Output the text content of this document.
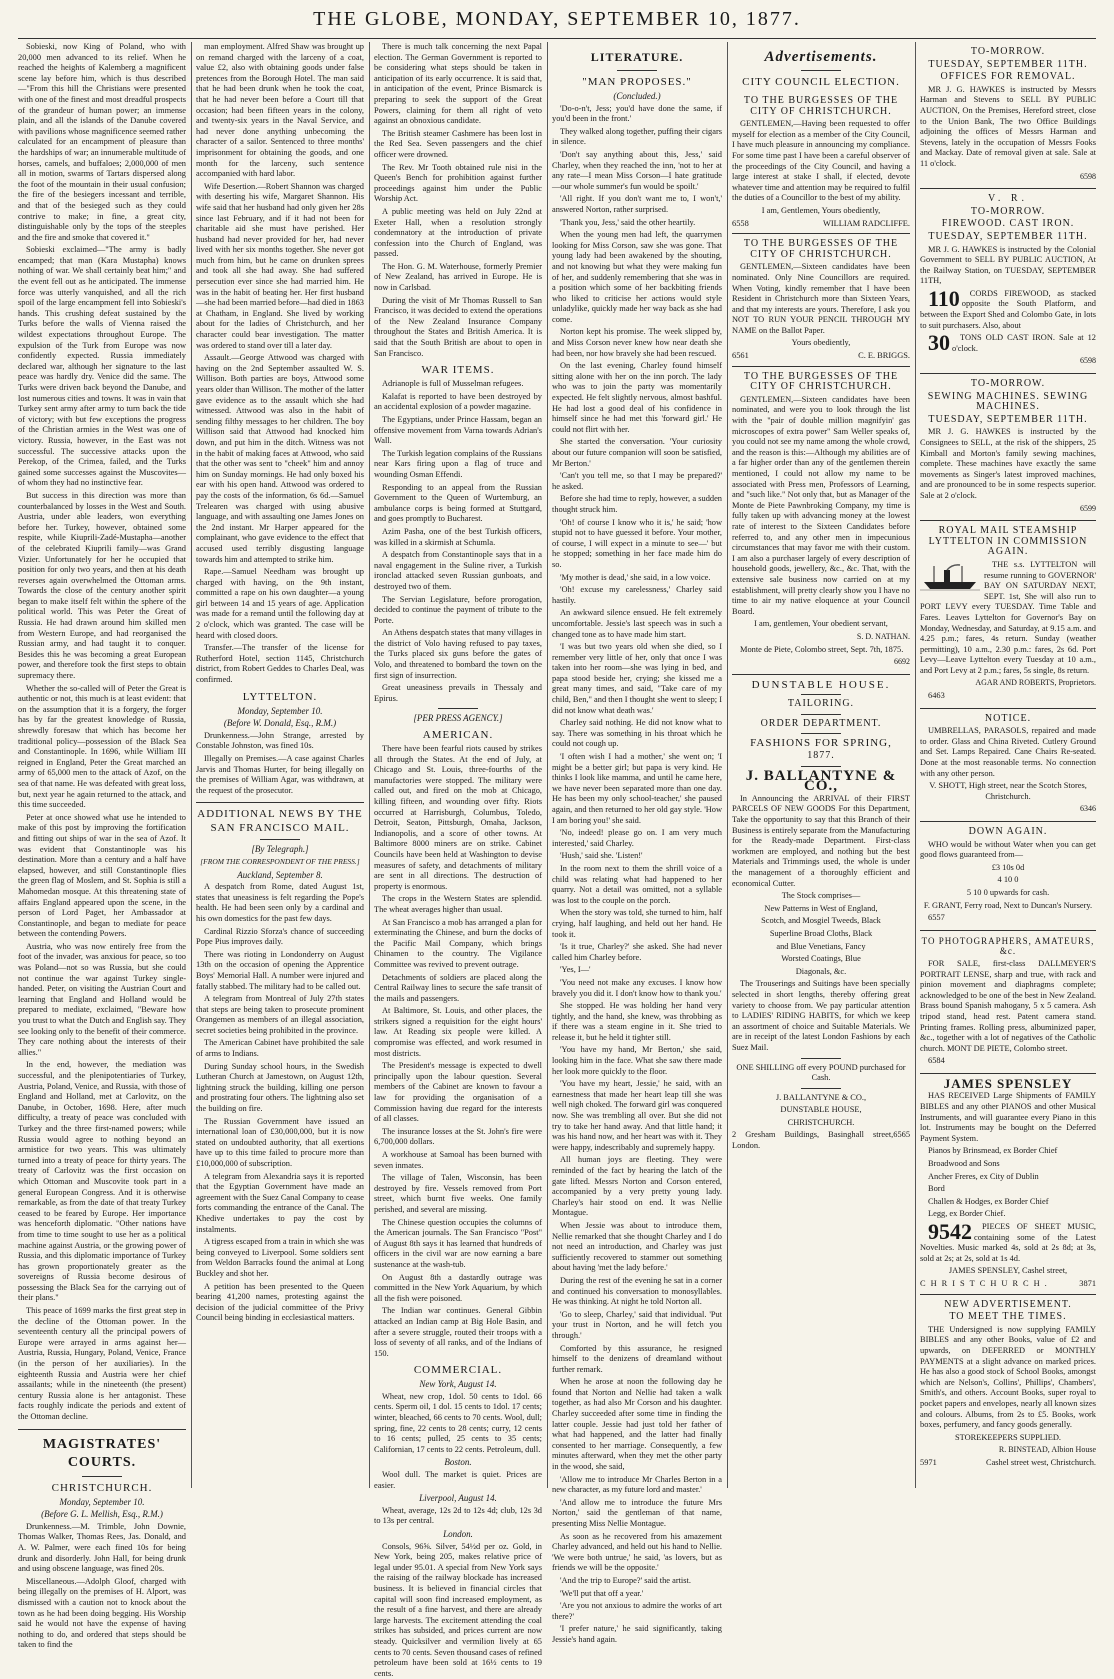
THE GLOBE, MONDAY, SEPTEMBER 10, 1877.

Sobieski, now King of Poland, who with 20,000 men advanced to its relief. When he reached the heights of Kalemberg a magnificent scene lay before him, which is thus described —"From this hill the Christians were presented with one of the finest and most dreadful prospects of the grandeur of human power; an immense plain, and all the islands of the Danube covered with pavilions whose magnificence seemed rather calculated for an encampment of pleasure than the hardships of war; an innumerable multitude of horses, camels, and buffaloes; 2,000,000 of men all in motion, swarms of Tartars dispersed along the foot of the mountain in their usual confusion; the fire of the besiegers incessant and terrible, and that of the besieged such as they could contrive to make; in fine, a great city, distinguishable only by the tops of the steeples and the fire and smoke that covered it."

Sobieski exclaimed—"The army is badly encamped; that man (Kara Mustapha) knows nothing of war. We shall certainly beat him;" and the event fell out as he anticipated. The immense force was utterly vanquished, and all the rich spoil of the large encampment fell into Sobieski's hands. This crushing defeat sustained by the Turks before the walls of Vienna raised the wildest expectations throughout Europe. The expulsion of the Turk from Europe was now confidently expected. Russia immediately declared war, although her signature to the last peace was hardly dry. Venice did the same. The Turks were driven back beyond the Danube, and lost numerous cities and towns. It was in vain that Turkey sent army after army to turn back the tide of victory; with but few exceptions the progress of the Christian armies in the West was one of victory. Russia, however, in the East was not successful. The successive attacks upon the Perekop, of the Crimea, failed, and the Turks gained some successes against the Muscovites—of whom they had no instinctive fear.

But success in this direction was more than counterbalanced by losses in the West and South. Austria, under able leaders, won everything before her. Turkey, however, obtained some respite, while Kiuprili-Zadé-Mustapha—another of the celebrated Kiuprili family—was Grand Vizier. Unfortunately for her he occupied that position for only two years, and then at his death reverses again overwhelmed the Ottoman arms. Towards the close of the century another spirit began to make itself felt within the sphere of the political world. This was Peter the Great of Russia. He had drawn around him skilled men from Western Europe, and had reorganised the Russian army, and had taught it to conquer. Besides this he was becoming a great European power, and therefore took the first steps to obtain supremacy there.

Whether the so-called will of Peter the Great is authentic or not, this much is at least evident: that on the assumption that it is a forgery, the forger has by far the greatest knowledge of Russia, shrewdly foresaw that which has become her traditional policy—possession of the Black Sea and Constantinople. In 1696, while William III reigned in England, Peter the Great marched an army of 65,000 men to the attack of Azof, on the sea of that name. He was defeated with great loss, but, next year he again returned to the attack, and this time succeeded.

Peter at once showed what use he intended to make of this post by improving the fortification and fitting out ships of war in the sea of Azof. It was evident that Constantinople was his destination. More than a century and a half have elapsed, however, and still Constantinople flies the green flag of Moslem, and St. Sophia is still a Mahomedan mosque. At this threatening state of affairs England appeared upon the scene, in the person of Lord Paget, her Ambassador at Constantinople, and began to mediate for peace between the contending Powers.

Austria, who was now entirely free from the foot of the invader, was anxious for peace, so too was Poland—not so was Russia, but she could not continue the war against Turkey single-handed. Peter, on visiting the Austrian Court and learning that England and Holland would be prepared to mediate, exclaimed, "Beware how you trust to what the Dutch and English say. They see looking only to the benefit of their commerce. They care nothing about the interests of their allies."

In the end, however, the mediation was successful, and the plenipotentiaries of Turkey, Austria, Poland, Venice, and Russia, with those of England and Holland, met at Carlovitz, on the Danube, in October, 1698. Here, after much difficulty, a treaty of peace was concluded with Turkey and the three first-named powers; while Russia would agree to nothing beyond an armistice for two years. This was ultimately turned into a treaty of peace for thirty years. The treaty of Carlovitz was the first occasion on which Ottoman and Muscovite took part in a general European Congress. And it is otherwise remarkable, as from the date of that treaty Turkey ceased to be feared by Europe. Her importance was henceforth diplomatic. "Other nations have from time to time sought to use her as a political machine against Austria, or the growing power of Russia, and this diplomatic importance of Turkey has grown proportionately greater as the sovereigns of Russia become desirous of possessing the Black Sea for the carrying out of their plans."

This peace of 1699 marks the first great step in the decline of the Ottoman power. In the seventeenth century all the principal powers of Europe were arrayed in arms against her—Austria, Russia, Hungary, Poland, Venice, France (in the person of her auxiliaries). In the eighteenth Russia and Austria were her chief assailants; while in the nineteenth (the present) century Russia alone is her antagonist. These facts roughly indicate the periods and extent of the Ottoman decline.

MAGISTRATES' COURTS.
CHRISTCHURCH.
Monday, September 10.
(Before G. L. Mellish, Esq., R.M.)

Drunkenness.—M. Trimble, John Downie, Thomas Walker, Thomas Rees, Jas. Donald, and A. W. Palmer, were each fined 10s for being drunk and disorderly. John Hall, for being drunk and using obscene language, was fined 20s.

Miscellaneous.—Adolph Gloof, charged with being illegally on the premises of H. Alport, was dismissed with a caution not to knock about the town as he had been doing begging. His Worship said he would not have the expense of having nothing to do, and ordered that steps should be taken to find the

man employment. Alfred Shaw was brought up on remand charged with the larceny of a coat, value £2, also with obtaining goods under false pretences from the Borough Hotel. The man said that he had been drunk when he took the coat, that he had never been before a Court till that occasion; had been fifteen years in the colony, and twenty-six years in the Naval Service, and had never done anything unbecoming the character of a sailor. Sentenced to three months' imprisonment for obtaining the goods, and one month for the larceny, such sentence accompanied with hard labor.

Wife Desertion.—Robert Shannon was charged with deserting his wife, Margaret Shannon. His wife said that her husband had only given her 28s since last February, and if it had not been for charitable aid she must have perished. Her husband had never provided for her, had never lived with her six months together. She never got much from him, but he came on drunken sprees and took all she had away. She had suffered persecution ever since she had married him. He was in the habit of beating her. Her first husband—she had been married before—had died in 1863 at Chatham, in England. She lived by working about for the ladies of Christchurch, and her character could bear investigation. The matter was ordered to stand over till a later day.

Assault.—George Attwood was charged with having on the 2nd September assaulted W. S. Willison. Both parties are boys, Attwood some years older than Willison. The mother of the latter gave evidence as to the assault which she had witnessed. Attwood was also in the habit of sending filthy messages to her children. The boy Willison said that Attwood had knocked him down, and put him in the ditch. Witness was not in the habit of making faces at Attwood, who said that the other was sent to "cheek" him and annoy him on Sunday mornings. He had only boxed his ear with his open hand. Attwood was ordered to pay the costs of the information, 6s 6d.—Samuel Trelearen was charged with using abusive language, and with assaulting one James Jones on the 2nd instant. Mr Harper appeared for the complainant, who gave evidence to the effect that accused used terribly disgusting language towards him and attempted to strike him.

Rape.—Samuel Needham was brought up charged with having, on the 9th instant, committed a rape on his own daughter—a young girl between 14 and 15 years of age. Application was made for a remand until the following day at 2 o'clock, which was granted. The case will be heard with closed doors.

Transfer.—The transfer of the license for Rutherford Hotel, section 1145, Christchurch district, from Robert Geddes to Charles Deal, was confirmed.

LYTTELTON.
Monday, September 10.
(Before W. Donald, Esq., R.M.)

Drunkenness.—John Strange, arrested by Constable Johnston, was fined 10s.

Illegally on Premises.—A case against Charles Jarvis and Thomas Hurter, for being illegally on the premises of William Agar, was withdrawn, at the request of the prosecutor.

ADDITIONAL NEWS BY THE SAN FRANCISCO MAIL.
[By Telegraph.]
[FROM THE CORRESPONDENT OF THE PRESS.]
Auckland, September 8.

A despatch from Rome, dated August 1st, states that uneasiness is felt regarding the Pope's health. He had been seen only by a cardinal and his own domestics for the past few days.

Cardinal Rizzio Sforza's chance of succeeding Pope Pius improves daily.

There was rioting in Londonderry on August 13th on the occasion of opening the Apprentice Boys' Memorial Hall. A number were injured and fatally stabbed. The military had to be called out.

A telegram from Montreal of July 27th states that steps are being taken to prosecute prominent Orangemen as members of an illegal association, secret societies being prohibited in the province.

The American Cabinet have prohibited the sale of arms to Indians.

During Sunday school hours, in the Swedish Lutheran Church at Jamestown, on August 12th, lightning struck the building, killing one person and prostrating four others. The lightning also set the building on fire.

The Russian Government have issued an international loan of £30,000,000, but it is now stated on undoubted authority, that all exertions have up to this time failed to procure more than £10,000,000 of subscription.

A telegram from Alexandria says it is reported that the Egyptian Government have made an agreement with the Suez Canal Company to cease forts commanding the entrance of the Canal. The Khedive undertakes to pay the cost by instalments.

A tigress escaped from a train in which she was being conveyed to Liverpool. Some soldiers sent from Weldon Barracks found the animal at Long Buckley and shot her.

A petition has been presented to the Queen bearing 41,200 names, protesting against the decision of the judicial committee of the Privy Council being binding in ecclesiastical matters.

There is much talk concerning the next Papal election. The German Government is reported to be considering what steps should be taken in anticipation of its early occurrence. It is said that, in anticipation of the event, Prince Bismarck is preparing to seek the support of the Great Powers, claiming for them all right of veto against an obnoxious candidate.

The British steamer Cashmere has been lost in the Red Sea. Seven passengers and the chief officer were drowned.

The Rev. Mr Tooth obtained rule nisi in the Queen's Bench for prohibition against further proceedings against him under the Public Worship Act.

A public meeting was held on July 22nd at Exeter Hall, when a resolution strongly condemnatory at the introduction of private confession into the Church of England, was passed.

The Hon. G. M. Waterhouse, formerly Premier of New Zealand, has arrived in Europe. He is now in Carlsbad.

During the visit of Mr Thomas Russell to San Francisco, it was decided to extend the operations of the New Zealand Insurance Company throughout the States and British America. It is said that the South British are about to open in San Francisco.

WAR ITEMS.

Adrianople is full of Musselman refugees.

Kalafat is reported to have been destroyed by an accidental explosion of a powder magazine.

The Egyptians, under Prince Hassam, began an offensive movement from Varna towards Adrian's Wall.

The Turkish legation complains of the Russians near Kars firing upon a flag of truce and wounding Osman Effendi.

Responding to an appeal from the Russian Government to the Queen of Wurtemburg, an ambulance corps is being formed at Stuttgard, and goes promptly to Bucharest.

Azim Pasha, one of the best Turkish officers, was killed in a skirmish at Schumla.

A despatch from Constantinople says that in a naval engagement in the Suline river, a Turkish ironclad attacked seven Russian gunboats, and destroyed two of them.

The Servian Legislature, before prorogation, decided to continue the payment of tribute to the Porte.

An Athens despatch states that many villages in the district of Volo having refused to pay taxes, the Turks placed six guns before the gates of Volo, and threatened to bombard the town on the first sign of insurrection.

Great uneasiness prevails in Thessaly and Epirus.

[PER PRESS AGENCY.]
AMERICAN.

There have been fearful riots caused by strikes all through the States. At the end of July, at Chicago and St. Louis, three-fourths of the manufactories were stopped. The military were called out, and fired on the mob at Chicago, killing fifteen, and wounding over fifty. Riots occurred at Harrisburgh, Columbus, Toledo, Detroit, Seaton, Pittsburgh, Omaha, Jackson, Indianopolis, and a score of other towns. At Baltimore 8000 miners are on strike. Cabinet Councils have been held at Washington to devise measures of safety, and detachments of military are sent in all directions. The destruction of property is enormous.

The crops in the Western States are splendid. The wheat averages higher than usual.

At San Francisco a mob has arranged a plan for exterminating the Chinese, and burn the docks of the Pacific Mail Company, which brings Chinamen to the country. The Vigilance Committee was revived to prevent outrage.

Detachments of soldiers are placed along the Central Railway lines to secure the safe transit of the mails and passengers.

At Baltimore, St. Louis, and other places, the strikers signed a requisition for the eight hours' law. At Reading six people were killed. A compromise was effected, and work resumed in most districts.

The President's message is expected to dwell principally upon the labour question. Several members of the Cabinet are known to favour a law for providing the organisation of a Commission having due regard for the interests of all classes.

The insurance losses at the St. John's fire were 6,700,000 dollars.

A workhouse at Samoal has been burned with seven inmates.

The village of Talen, Wisconsin, has been destroyed by fire. Vessels removed from Port street, which burnt five weeks. One family perished, and several are missing.

The Chinese question occupies the columns of the American journals. The San Francisco "Post" of August 8th says it has learned that hundreds of officers in the civil war are now earning a bare sustenance at the wash-tub.

On August 8th a dastardly outrage was committed in the New York Aquarium, by which all the fish were poisoned.

The Indian war continues. General Gibbin attacked an Indian camp at Big Hole Basin, and after a severe struggle, routed their troops with a loss of seventy of all ranks, and of the Indians of 150.

COMMERCIAL.
New York, August 14.

Wheat, new crop, 1dol. 50 cents to 1dol. 66 cents. Sperm oil, 1 dol. 15 cents to 1dol. 17 cents; winter, bleached, 66 cents to 70 cents. Wool, dull; spring, fine, 22 cents to 28 cents; curry, 12 cents to 16 cents; pulled, 25 cents to 35 cents; Californian, 17 cents to 22 cents. Petroleum, dull.

Boston.

Wool dull. The market is quiet. Prices are easier.

Liverpool, August 14.

Wheat, average, 12s 2d to 12s 4d; club, 12s 3d to 13s per central.

London.

Consols, 96⅝. Silver, 54½d per oz. Gold, in New York, being 205, makes relative price of legal under 95.01. A special from New York says the raising of the railway blockade has increased business. It is believed in financial circles that capital will soon find increased employment, as the result of a fine harvest, and there are already large harvests. The excitement attending the coal strikes has subsided, and prices current are now steady. Quicksilver and vermilion lively at 65 cents to 70 cents. Seven thousand cases of refined petroleum have been sold at 16½ cents to 19 cents.

LITERATURE.
"MAN PROPOSES."
(Concluded.)

'Do-o-n't, Jess; you'd have done the same, if you'd been in the front.'

They walked along together, puffing their cigars in silence.

'Don't say anything about this, Jess,' said Charley, when they reached the inn, 'not to her at any rate—I mean Miss Corson—I hate gratitude—our whole summer's fun would be spoilt.'

'All right. If you don't want me to, I won't,' answered Norton, rather surprised.

'Thank you, Jess,' said the other heartily.

When the young men had left, the quarrymen looking for Miss Corson, saw she was gone. That young lady had been awakened by the shouting, and not knowing but what they were making fun of her, and suddenly remembering that she was in a position which some of her backbiting friends who liked to criticise her actions would style unladylike, quickly made her way back as she had come.

Norton kept his promise. The week slipped by, and Miss Corson never knew how near death she had been, nor how bravely she had been rescued.

On the last evening, Charley found himself sitting alone with her on the inn porch. The lady who was to join the party was momentarily expected. He felt slightly nervous, almost bashful. He had lost a good deal of his confidence in himself since he had met this 'forward girl.' He could not flirt with her.

She started the conversation. 'Your curiosity about our future companion will soon be satisfied, Mr Berton.'

'Can't you tell me, so that I may be prepared?' he asked.

Before she had time to reply, however, a sudden thought struck him.

'Oh! of course I know who it is,' he said; 'how stupid not to have guessed it before. Your mother, of course, I will expect in a minute to see—' but he stopped; something in her face made him do so.

'My mother is dead,' she said, in a low voice.

'Oh! excuse my carelessness,' Charley said hastily.

An awkward silence ensued. He felt extremely uncomfortable. Jessie's last speech was in such a changed tone as to have made him start.

'I was but two years old when she died, so I remember very little of her, only that once I was taken into her room—she was lying in bed, and papa stood beside her, crying; she kissed me a great many times, and said, "Take care of my child, Ben," and then I thought she went to sleep; I did not know what death was.'

Charley said nothing. He did not know what to say. There was something in his throat which he could not cough up.

'I often wish I had a mother,' she went on; 'I might be a better girl; but papa is very kind. He thinks I look like mamma, and until he came here, we have never been separated more than one day. He has been my only school-teacher,' she paused again, and then returned to her old gay style. 'How I am boring you!' she said.

'No, indeed! please go on. I am very much interested,' said Charley.

'Hush,' said she. 'Listen!'

In the room next to them the shrill voice of a child was relating what had happened to her quarry. Not a detail was omitted, not a syllable was lost to the couple on the porch.

When the story was told, she turned to him, half crying, half laughing, and held out her hand. He took it.

'Is it true, Charley?' she asked. She had never called him Charley before.

'Yes, I—'

'You need not make any excuses. I know how bravely you did it. I don't know how to thank you.'

She stopped. He was holding her hand very tightly, and the hand, she knew, was throbbing as if there was a steam engine in it. She tried to release it, but he held it tighter still.

'You have my hand, Mr Berton,' she said, looking him in the face. What she saw there made her look more quickly to the floor.

'You have my heart, Jessie,' he said, with an earnestness that made her heart leap till she was well nigh choked. The forward girl was conquered now. She was trembling all over. But she did not try to take her hand away. And that little hand; it was his hand now, and her heart was with it. They were happy, indescribably and supremely happy.

All human joys are fleeting. They were reminded of the fact by hearing the latch of the gate lifted. Messrs Norton and Corson entered, accompanied by a very pretty young lady. Charley's hair stood on end. It was Nellie Montague.

When Jessie was about to introduce them, Nellie remarked that she thought Charley and I do not need an introduction, and Charley was just sufficiently recovered to stammer out something about having 'met the lady before.'

During the rest of the evening he sat in a corner and continued his conversation to monosyllables. He was thinking. At night he told Norton all.

'Go to sleep, Charley,' said that individual. 'Put your trust in Norton, and he will fetch you through.'

Comforted by this assurance, he resigned himself to the denizens of dreamland without further remark.

When he arose at noon the following day he found that Norton and Nellie had taken a walk together, as had also Mr Corson and his daughter. Charley succeeded after some time in finding the latter couple. Jessie had just told her father of what had happened, and the latter had finally consented to her marriage. Consequently, a few minutes afterward, when they met the other party in the wood, she said,

'Allow me to introduce Mr Charles Berton in a new character, as my future lord and master.'

'And allow me to introduce the future Mrs Norton,' said the gentleman of that name, presenting Miss Nellie Montague.

As soon as he recovered from his amazement Charley advanced, and held out his hand to Nellie. 'We were both untrue,' he said, 'as lovers, but as friends we will be the opposite.'

'And the trip to Europe?' said the artist.

'We'll put that off a year.'

'Are you not anxious to admire the works of art there?'

'I prefer nature,' he said significantly, taking Jessie's hand again.

Advertisements.
CITY COUNCIL ELECTION.
TO THE BURGESSES OF THE CITY OF CHRISTCHURCH.

GENTLEMEN,—Having been requested to offer myself for election as a member of the City Council, I have much pleasure in announcing my compliance. For some time past I have been a careful observer of the proceedings of the City Council, and having a large interest at stake I shall, if elected, devote whatever time and attention may be required to fulfil the duties of a Councillor to the best of my ability.

I am, Gentlemen, Yours obediently,

6558	WILLIAM RADCLIFFE.
TO THE BURGESSES OF THE CITY OF CHRISTCHURCH.

GENTLEMEN,—Sixteen candidates have been nominated. Only Nine Councillors are required. When Voting, kindly remember that I have been Resident in Christchurch more than Sixteen Years, and that my interests are yours. Therefore, I ask you NOT TO RUN YOUR PENCIL THROUGH MY NAME on the Ballot Paper.

Yours obediently,

6561	C. E. BRIGGS.
TO THE BURGESSES OF THE CITY OF CHRISTCHURCH.

GENTLEMEN,—Sixteen candidates have been nominated, and were you to look through the list with the "pair of double million magnifyin' gas microscopes of extra power" Sam Weller speaks of, you could not see my name among the whole crowd, and the reason is this:—Although my abilities are of a far higher order than any of the gentlemen therein mentioned, I could not allow my name to be associated with Press men, Professors of Learning, and "such like." Not only that, but as Manager of the Monte de Piete Pawnbroking Company, my time is fully taken up with advancing money at the lowest rate of interest to the Sixteen Candidates before referred to, and any other men in impecunious circumstances that may favor me with their custom. I am also a purchaser largely of every description of household goods, jewellery, &c., &c. That, with the extensive sale business now carried on at my establishment, will pretty clearly show you I have no time to air my native eloquence at your Council Board.

I am, gentlemen, Your obedient servant,

S. D. NATHAN.

Monte de Piete, Colombo street, Sept. 7th, 1875.

6692

DUNSTABLE HOUSE.
TAILORING.
ORDER DEPARTMENT.
FASHIONS FOR SPRING,
1877.
J. BALLANTYNE & CO.,

In Announcing the ARRIVAL of their FIRST PARCELS OF NEW GOODS For this Department, Take the opportunity to say that this Branch of their Business is entirely separate from the Manufacturing for the Ready-made Department. First-class workmen are employed, and nothing but the best Materials and Trimmings used, the whole is under the management of a thoroughly efficient and economical Cutter.

The Stock comprises—

New Patterns in West of England,

Scotch, and Mosgiel Tweeds, Black

Superline Broad Cloths, Black

and Blue Venetians, Fancy

Worsted Coatings, Blue

Diagonals, &c.

The Trouserings and Suitings have been specially selected in short lengths, thereby offering great variety to choose from. We pay particular attention to LADIES' RIDING HABITS, for which we keep an assortment of choice and Suitable Materials. We are in receipt of the latest London Fashions by each Suez Mail.

ONE SHILLING off every POUND purchased for Cash.

J. BALLANTYNE & CO.,

DUNSTABLE HOUSE,

CHRISTCHURCH.

2 Gresham Buildings, Basinghall street, London.
6565
TO-MORROW.
TUESDAY, SEPTEMBER 11TH.
OFFICES FOR REMOVAL.

MR J. G. HAWKES is instructed by Messrs Harman and Stevens to SELL BY PUBLIC AUCTION, On the Premises, Hereford street, close to the Union Bank, The two Office Buildings adjoining the offices of Messrs Harman and Stevens, lately in the occupation of Messrs Fooks and Mackay. Date of removal given at sale. Sale at 11 o'clock.

6598

V. R.
TO-MORROW.
FIREWOOD. CAST IRON.
TUESDAY, SEPTEMBER 11TH.

MR J. G. HAWKES is instructed by the Colonial Government to SELL BY PUBLIC AUCTION, At the Railway Station, on TUESDAY, SEPTEMBER 11TH,

110 CORDS FIREWOOD, as stacked opposite the South Platform, and between the Export Shed and Colombo Gate, in lots to suit purchasers. Also, about

30 TONS OLD CAST IRON. Sale at 12 o'clock.

6598

TO-MORROW.
SEWING MACHINES. SEWING MACHINES.
TUESDAY, SEPTEMBER 11TH.

MR J. G. HAWKES is instructed by the Consignees to SELL, at the risk of the shippers, 25 Kimball and Morton's family sewing machines, complete. These machines have exactly the same movements as Singer's latest improved machines, and are pronounced to be in some respects superior. Sale at 2 o'clock.

6599

ROYAL MAIL STEAMSHIP LYTTELTON IN COMMISSION AGAIN.

THE s.s. LYTTELTON will resume running to GOVERNOR' BAY ON SATURDAY NEXT, SEPT. 1st, She will also run to PORT LEVY every TUESDAY. Time Table and Fares. Leaves Lyttelton for Governor's Bay on Monday, Wednesday, and Saturday, at 9.15 a.m. and 4.25 p.m.; fares, 4s return. Sunday (weather permitting), 10 a.m., 2.30 p.m.: fares, 2s 6d. Port Levy—Leave Lyttelton every Tuesday at 10 a.m., and Port Levy at 2 p.m.; fares, 5s single, 8s return.

AGAR AND ROBERTS, Proprietors.

6463

NOTICE.

UMBRELLAS, PARASOLS, repaired and made to order. Glass and China Riveted. Cutlery Ground and Set. Lamps Repaired. Cane Chairs Re-seated. Done at the most reasonable terms. No connection with any other person.

V. SHOTT, High street, near the Scotch Stores, Christchurch.

6346

DOWN AGAIN.

WHO would be without Water when you can get good flows guaranteed from—

£3 10s 0d

4 10 0

5 10 0 upwards for cash.

F. GRANT, Ferry road, Next to Duncan's Nursery.

6557

TO PHOTOGRAPHERS, AMATEURS, &c.

FOR SALE, first-class DALLMEYER'S PORTRAIT LENSE, sharp and true, with rack and pinion movement and diaphragms complete; acknowledged to be one of the best in New Zealand. Brass bound Spanish mahogany, 5 x 5 camera. Ash tripod stand, head rest. Patent camera stand. Printing frames. Rolling press, albuminized paper, &c., together with a lot of negatives of the Catholic church. MONT DE PIETE, Colombo street.

6584

JAMES SPENSLEY

HAS RECEIVED Large Shipments of FAMILY BIBLES and any other PIANOS and other Musical Instruments, and will guarantee every Piano in this lot. Instruments may be bought on the Deferred Payment System.

Pianos by Brinsmead, ex Border Chief

Broadwood and Sons

Ancher Freres, ex City of Dublin

Bord

Challen & Hodges, ex Border Chief

Legg, ex Border Chief.

9542 PIECES OF SHEET MUSIC, containing some of the Latest Novelties. Music marked 4s, sold at 2s 8d; at 3s, sold at 2s; at 2s, sold at 1s 4d.

JAMES SPENSLEY, Cashel street,

CHRISTCHURCH.	3871
NEW ADVERTISEMENT.
TO MEET THE TIMES.

THE Undersigned is now supplying FAMILY BIBLES and any other Books, value of £2 and upwards, on DEFERRED or MONTHLY PAYMENTS at a slight advance on marked prices. He has also a good stock of School Books, amongst which are Nelson's, Collins', Phillips', Chambers', Smith's, and others. Account Books, super royal to pocket papers and envelopes, nearly all known sizes and colours. Albums, from 2s to £5. Books, work boxes, perfumery, and fancy goods generally.

STOREKEEPERS SUPPLIED.

R. BINSTEAD, Albion House

5971	Cashel street west, Christchurch.
